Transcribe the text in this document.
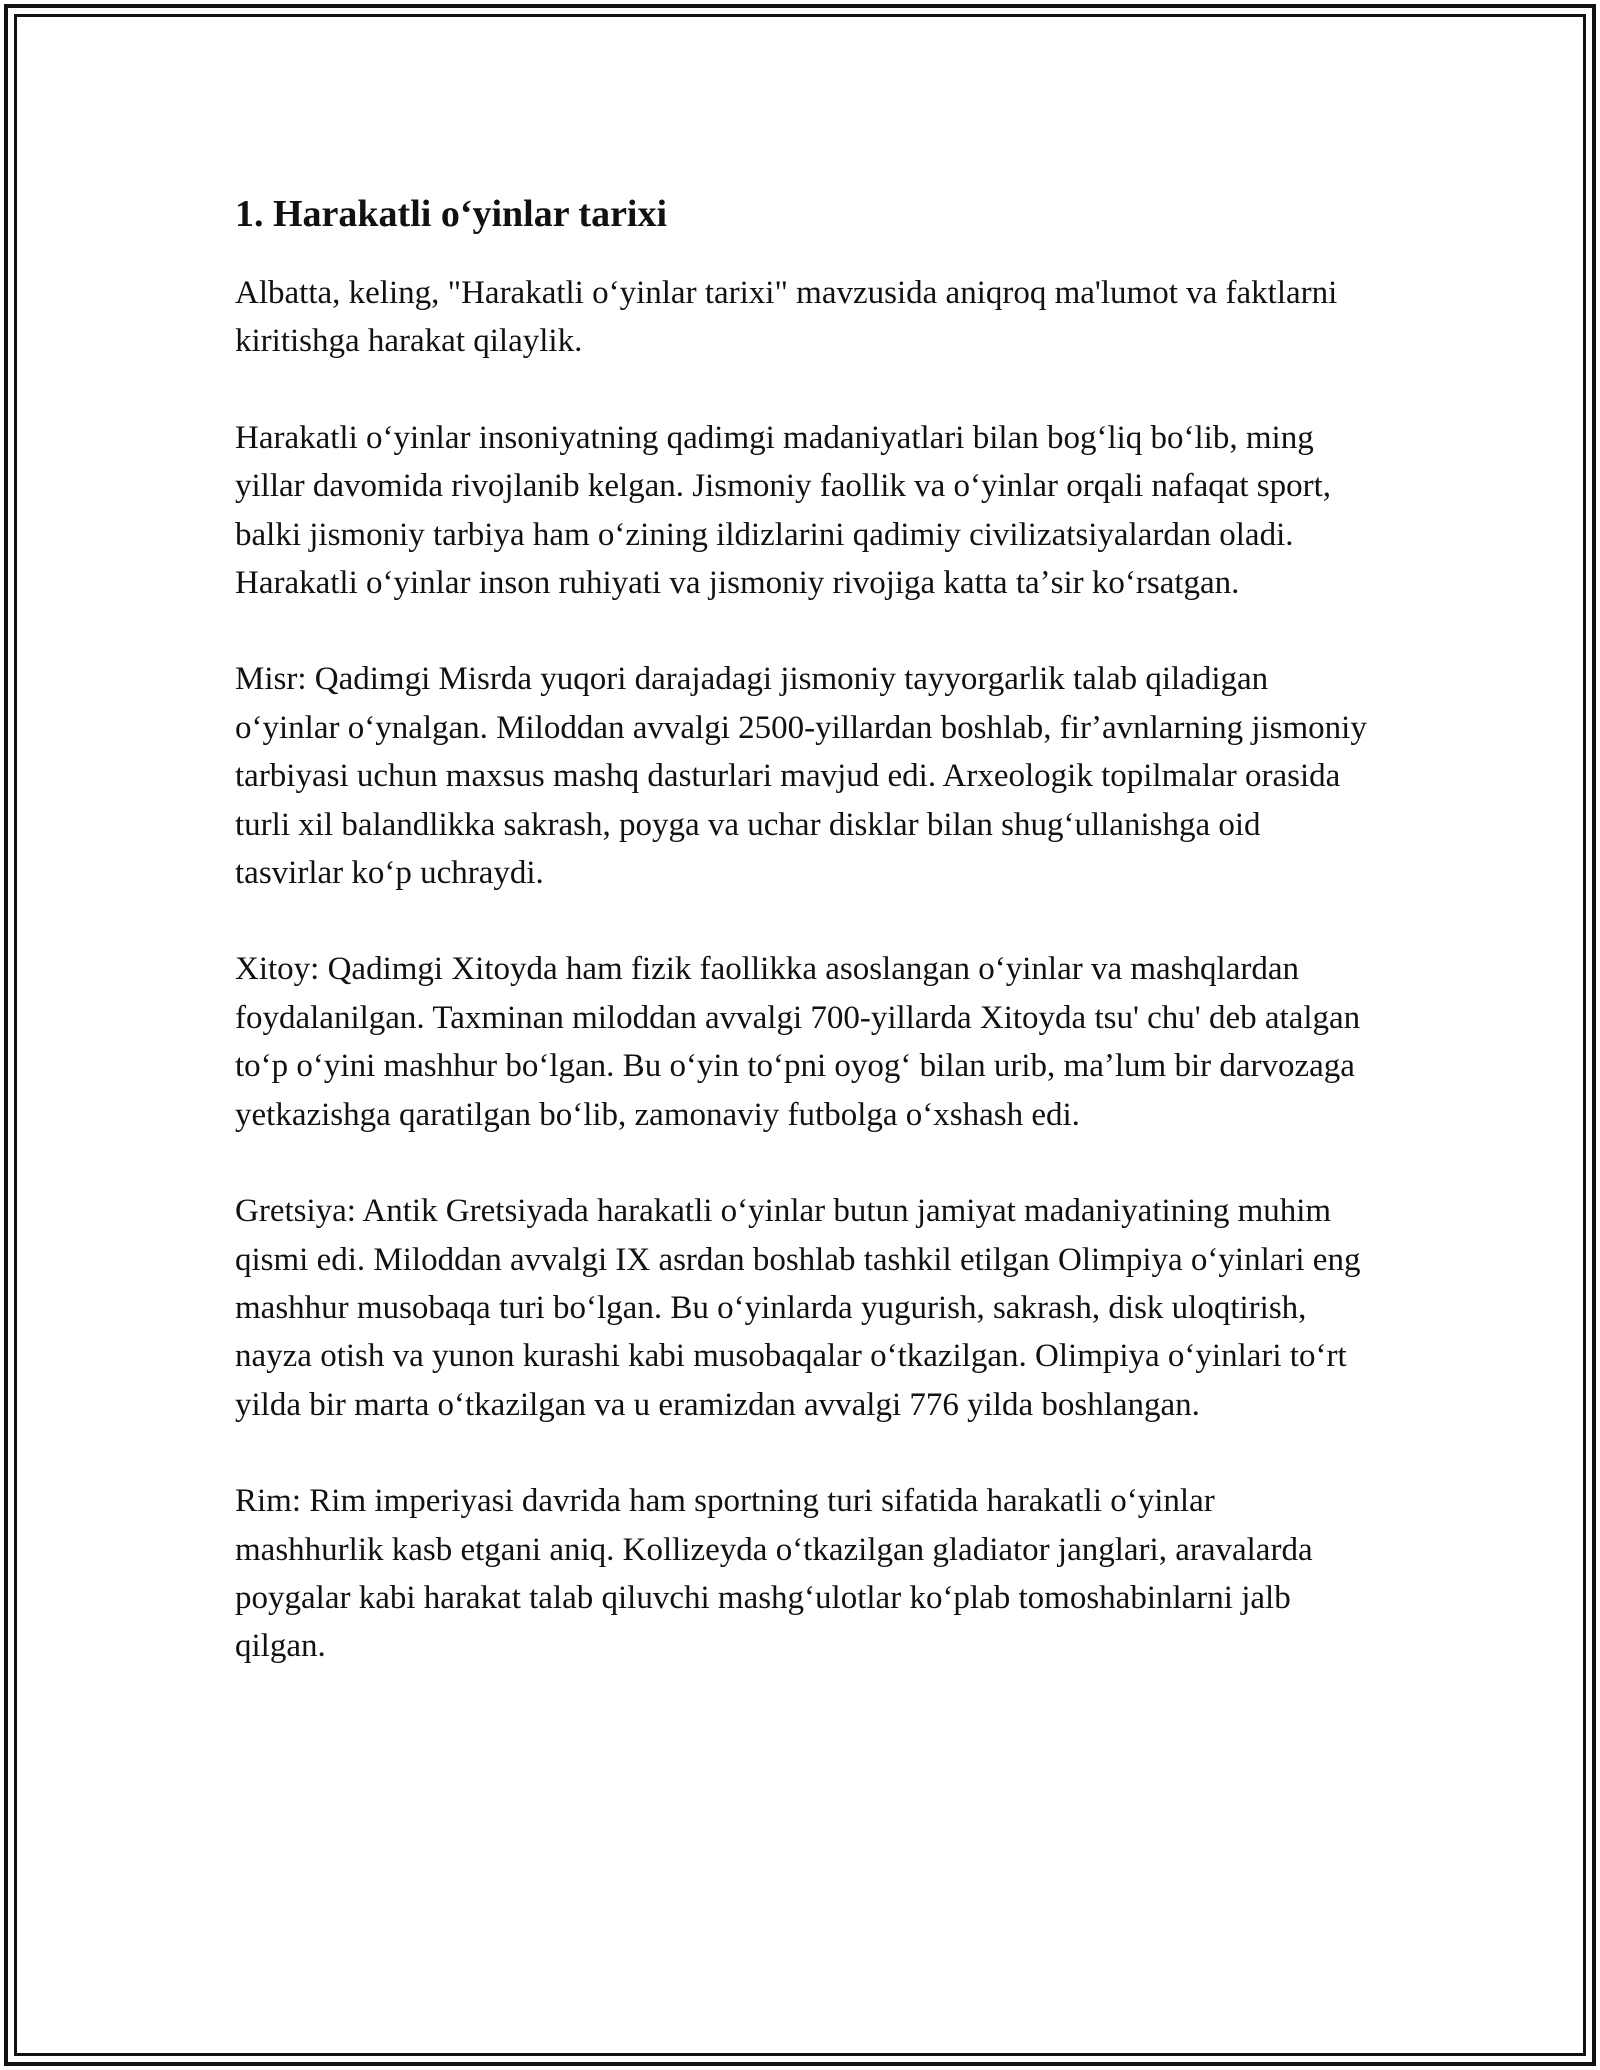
1. Harakatli oʻyinlar tarixi

Albatta, keling, "Harakatli oʻyinlar tarixi" mavzusida aniqroq ma'lumot va faktlarni kiritishga harakat qilaylik.

Harakatli oʻyinlar insoniyatning qadimgi madaniyatlari bilan bogʻliq boʻlib, ming yillar davomida rivojlanib kelgan. Jismoniy faollik va oʻyinlar orqali nafaqat sport, balki jismoniy tarbiya ham oʻzining ildizlarini qadimiy civilizatsiyalardan oladi. Harakatli oʻyinlar inson ruhiyati va jismoniy rivojiga katta taʼsir koʻrsatgan.

Misr: Qadimgi Misrda yuqori darajadagi jismoniy tayyorgarlik talab qiladigan oʻyinlar oʻynalgan. Miloddan avvalgi 2500-yillardan boshlab, firʼavnlarning jismoniy tarbiyasi uchun maxsus mashq dasturlari mavjud edi. Arxeologik topilmalar orasida turli xil balandlikka sakrash, poyga va uchar disklar bilan shugʻullanishga oid tasvirlar koʻp uchraydi.

Xitoy: Qadimgi Xitoyda ham fizik faollikka asoslangan oʻyinlar va mashqlardan foydalanilgan. Taxminan miloddan avvalgi 700-yillarda Xitoyda tsu' chu' deb atalgan toʻp oʻyini mashhur boʻlgan. Bu oʻyin toʻpni oyogʻ bilan urib, maʼlum bir darvozaga yetkazishga qaratilgan boʻlib, zamonaviy futbolga oʻxshash edi.

Gretsiya: Antik Gretsiyada harakatli oʻyinlar butun jamiyat madaniyatining muhim qismi edi. Miloddan avvalgi IX asrdan boshlab tashkil etilgan Olimpiya oʻyinlari eng mashhur musobaqa turi boʻlgan. Bu oʻyinlarda yugurish, sakrash, disk uloqtirish, nayza otish va yunon kurashi kabi musobaqalar oʻtkazilgan. Olimpiya oʻyinlari toʻrt yilda bir marta oʻtkazilgan va u eramizdan avvalgi 776 yilda boshlangan.

Rim: Rim imperiyasi davrida ham sportning turi sifatida harakatli oʻyinlar mashhurlik kasb etgani aniq. Kollizeyda oʻtkazilgan gladiator janglari, aravalarda poygalar kabi harakat talab qiluvchi mashgʻulotlar koʻplab tomoshabinlarni jalb qilgan.
